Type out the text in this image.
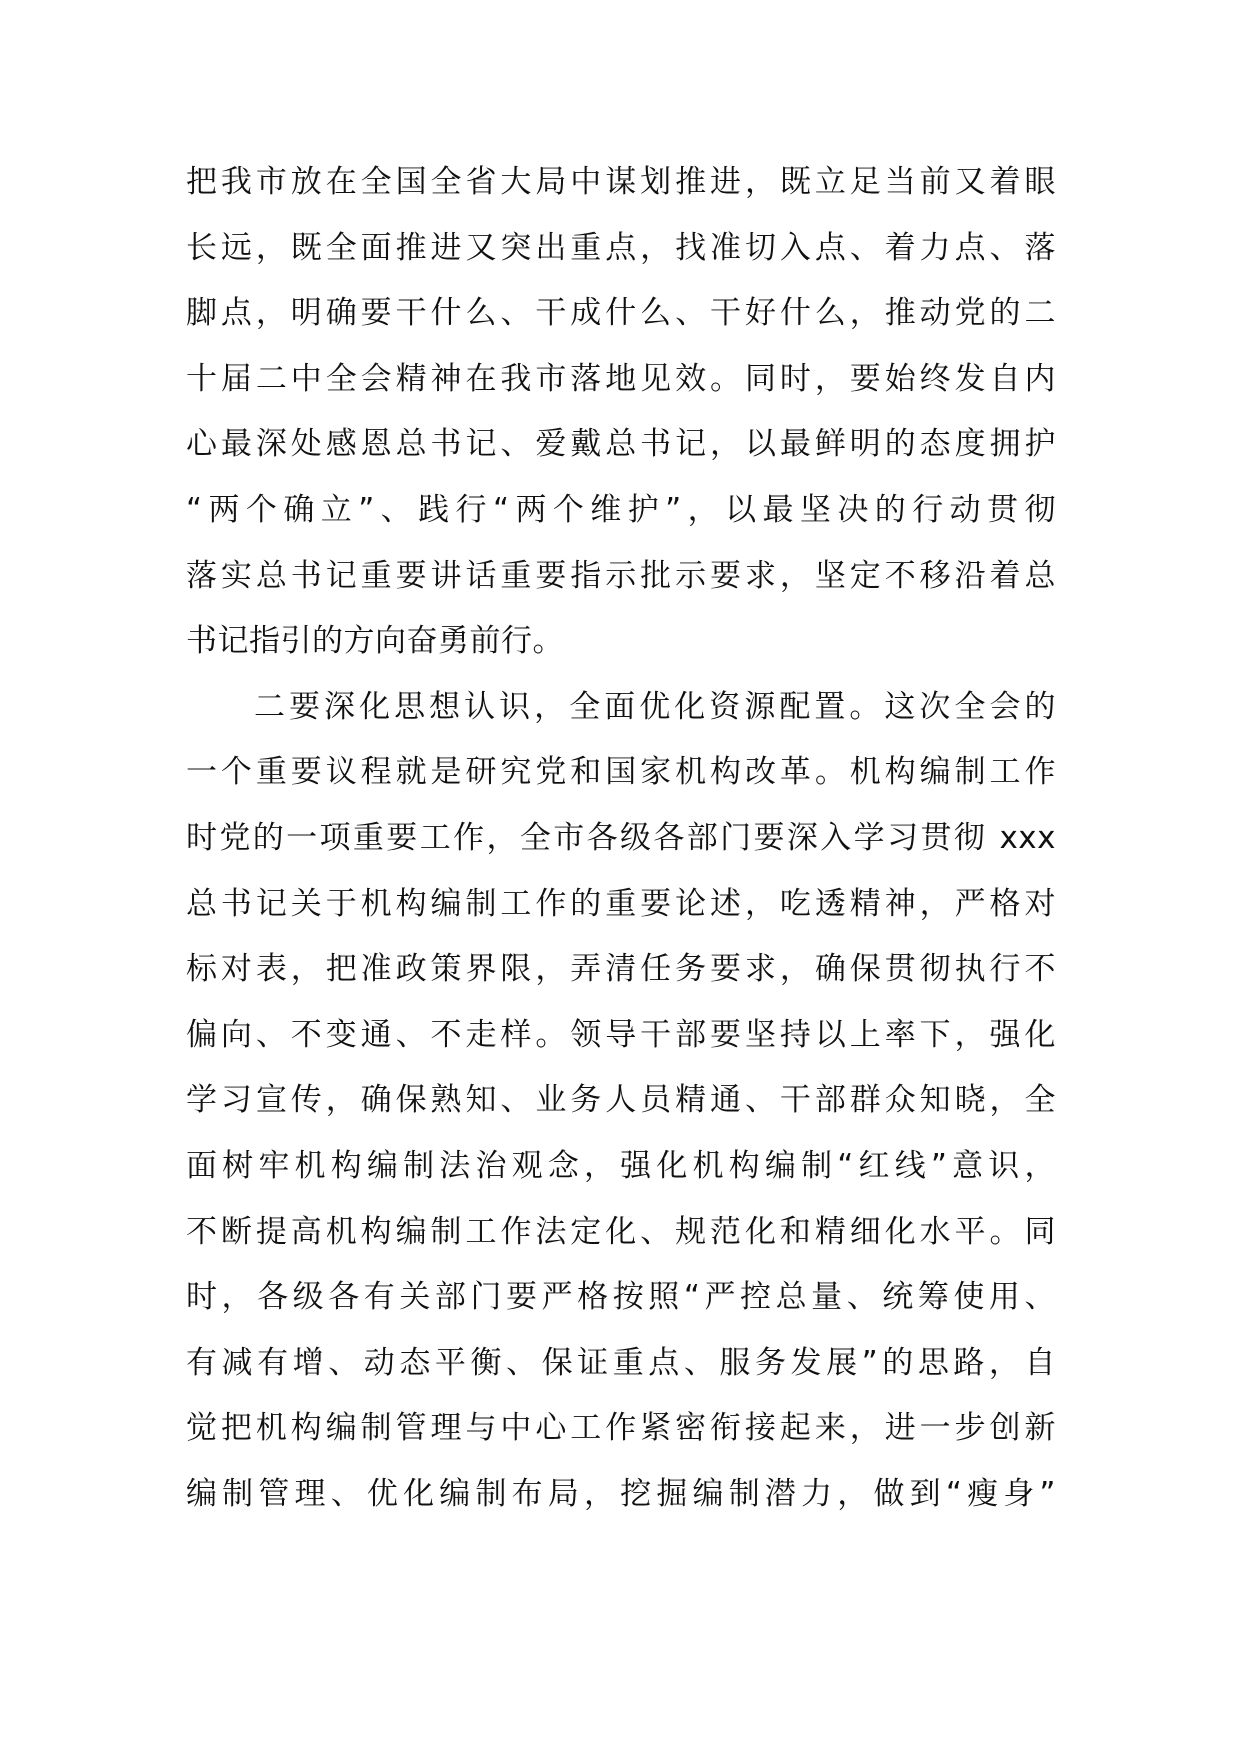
把我市放在全国全省大局中谋划推进，既立足当前又着眼
长远，既全面推进又突出重点，找准切入点、着力点、落
脚点，明确要干什么、干成什么、干好什么，推动党的二
十届二中全会精神在我市落地见效。同时，要始终发自内
心最深处感恩总书记、爱戴总书记，以最鲜明的态度拥护
“两个确立”、践行“两个维护”，以最坚决的行动贯彻
落实总书记重要讲话重要指示批示要求，坚定不移沿着总
书记指引的方向奋勇前行。
二要深化思想认识，全面优化资源配置。这次全会的
一个重要议程就是研究党和国家机构改革。机构编制工作
时党的一项重要工作，全市各级各部门要深入学习贯彻 xxx
总书记关于机构编制工作的重要论述，吃透精神，严格对
标对表，把准政策界限，弄清任务要求，确保贯彻执行不
偏向、不变通、不走样。领导干部要坚持以上率下，强化
学习宣传，确保熟知、业务人员精通、干部群众知晓，全
面树牢机构编制法治观念，强化机构编制“红线”意识，
不断提高机构编制工作法定化、规范化和精细化水平。同
时，各级各有关部门要严格按照“严控总量、统筹使用、
有减有增、动态平衡、保证重点、服务发展”的思路，自
觉把机构编制管理与中心工作紧密衔接起来，进一步创新
编制管理、优化编制布局，挖掘编制潜力，做到“瘦身”
